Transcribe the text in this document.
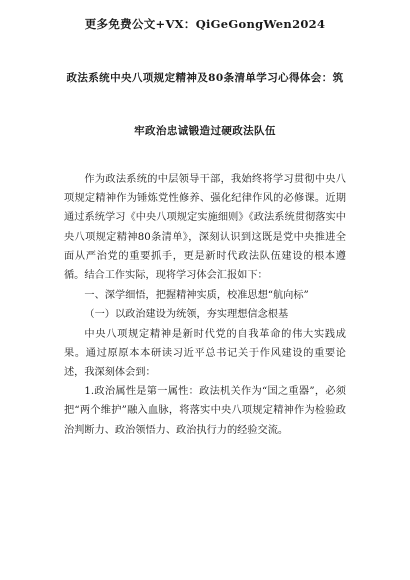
更多免费公文+VX：QiGeGongWen2024
政法系统中央八项规定精神及80条清单学习心得体会：筑
牢政治忠诚锻造过硬政法队伍

作为政法系统的中层领导干部，我始终将学习贯彻中央八项规定精神作为锤炼党性修养、强化纪律作风的必修课。近期通过系统学习《中央八项规定实施细则》《政法系统贯彻落实中央八项规定精神80条清单》，深刻认识到这既是党中央推进全面从严治党的重要抓手，更是新时代政法队伍建设的根本遵循。结合工作实际，现将学习体会汇报如下：

一、深学细悟，把握精神实质，校准思想“航向标”

（一）以政治建设为统领，夯实理想信念根基

中央八项规定精神是新时代党的自我革命的伟大实践成果。通过原原本本研读习近平总书记关于作风建设的重要论述，我深刻体会到：

1.政治属性是第一属性：政法机关作为“国之重器”，必须把“两个维护”融入血脉，将落实中央八项规定精神作为检验政治判断力、政治领悟力、政治执行力的经验交流。
